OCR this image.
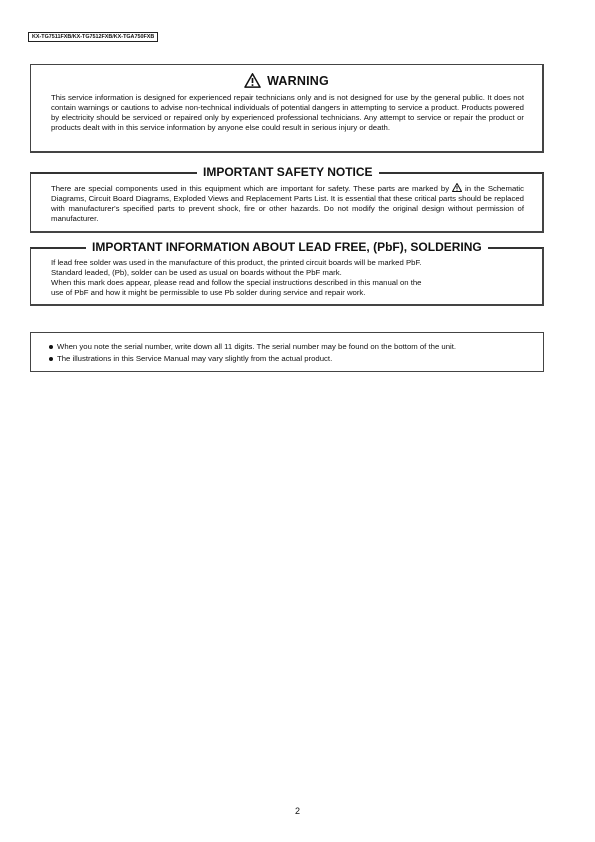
KX-TG7511FXB/KX-TG7512FXB/KX-TGA750FXB
WARNING
This service information is designed for experienced repair technicians only and is not designed for use by the general public. It does not contain warnings or cautions to advise non-technical individuals of potential dangers in attempting to service a product. Products powered by electricity should be serviced or repaired only by experienced professional technicians. Any attempt to service or repair the product or products dealt with in this service information by anyone else could result in serious injury or death.
IMPORTANT SAFETY NOTICE
There are special components used in this equipment which are important for safety. These parts are marked by in the Schematic Diagrams, Circuit Board Diagrams, Exploded Views and Replacement Parts List. It is essential that these critical parts should be replaced with manufacturer's specified parts to prevent shock, fire or other hazards. Do not modify the original design without permission of manufacturer.
IMPORTANT INFORMATION ABOUT LEAD FREE, (PbF), SOLDERING
If lead free solder was used in the manufacture of this product, the printed circuit boards will be marked PbF.
Standard leaded, (Pb), solder can be used as usual on boards without the PbF mark.
When this mark does appear, please read and follow the special instructions described in this manual on the
use of PbF and how it might be permissible to use Pb solder during service and repair work.
When you note the serial number, write down all 11 digits. The serial number may be found on the bottom of the unit.
The illustrations in this Service Manual may vary slightly from the actual product.
2
